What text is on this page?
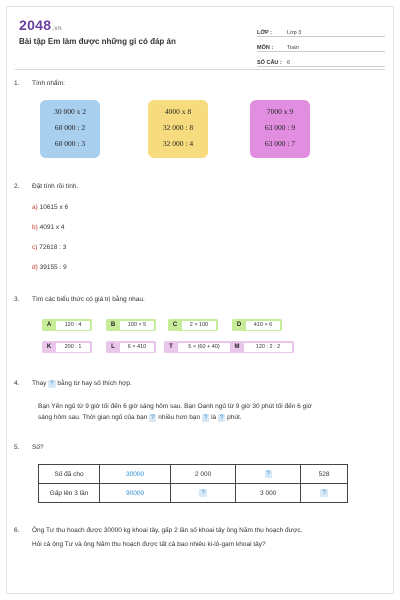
2048.vn
Bài tập Em làm được những gì có đáp án
LỚP :	Lớp 3
MÔN :	Toán
SỐ CÂU : 6
1. Tính nhẩm:
30 000 x 2
60 000 : 2
60 000 : 3
4000 x 8
32 000 : 8
32 000 : 4
7000 x 9
63 000 : 9
63 000 : 7
2. Đặt tính rồi tính.
a) 10615 x 6
b) 4091 x 4
c) 72618 : 3
d) 39155 : 9
3. Tìm các biểu thức có giá trị bằng nhau.
A	120 : 4	B	100 × 5	C	2 × 100	D	410 × 6
K	200 : 1	L	6 × 410	T	5 × (60 + 40)	M	120 : 2 : 2
4. Thay ? bằng từ hay số thích hợp.
Bạn Yến ngủ từ 9 giờ tối đến 6 giờ sáng hôm sau. Bạn Oanh ngủ từ 9 giờ 30 phút tối đến 6 giờ
sáng hôm sau. Thời gian ngủ của bạn ? nhiều hơn bạn ? là ? phút.
5. Số?
Số đã cho	30000	2 000	?	528
Gấp lên 3 lần	90000	?	3 000	?
6. Ông Tư thu hoạch được 30000 kg khoai tây, gấp 2 lần số khoai tây ông Năm thu hoạch được.
Hỏi cả ông Tư và ông Năm thu hoạch được tất cả bao nhiêu ki-lô-gam khoai tây?
